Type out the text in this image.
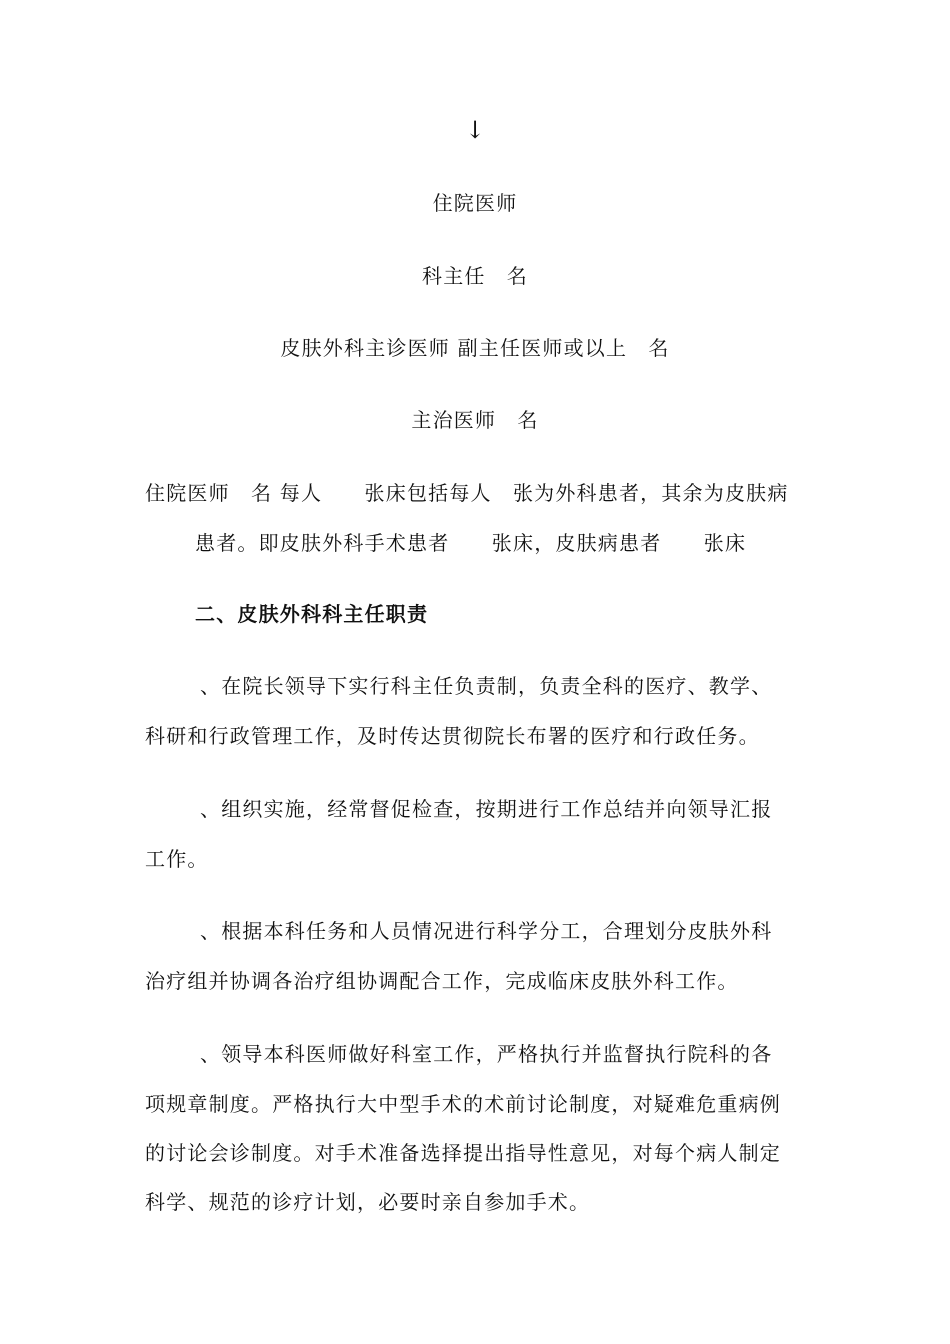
↓
住院医师
科主任　名
皮肤外科主诊医师 副主任医师或以上　名
主治医师　名
住院医师　名 每人　　张床包括每人　张为外科患者，其余为皮肤病
患者。即皮肤外科手术患者　　张床，皮肤病患者　　张床
二、皮肤外科科主任职责
、在院长领导下实行科主任负责制，负责全科的医疗、教学、
科研和行政管理工作，及时传达贯彻院长布署的医疗和行政任务。
、组织实施，经常督促检查，按期进行工作总结并向领导汇报
工作。
、根据本科任务和人员情况进行科学分工，合理划分皮肤外科
治疗组并协调各治疗组协调配合工作，完成临床皮肤外科工作。
、领导本科医师做好科室工作，严格执行并监督执行院科的各
项规章制度。严格执行大中型手术的术前讨论制度，对疑难危重病例
的讨论会诊制度。对手术准备选择提出指导性意见，对每个病人制定
科学、规范的诊疗计划，必要时亲自参加手术。
